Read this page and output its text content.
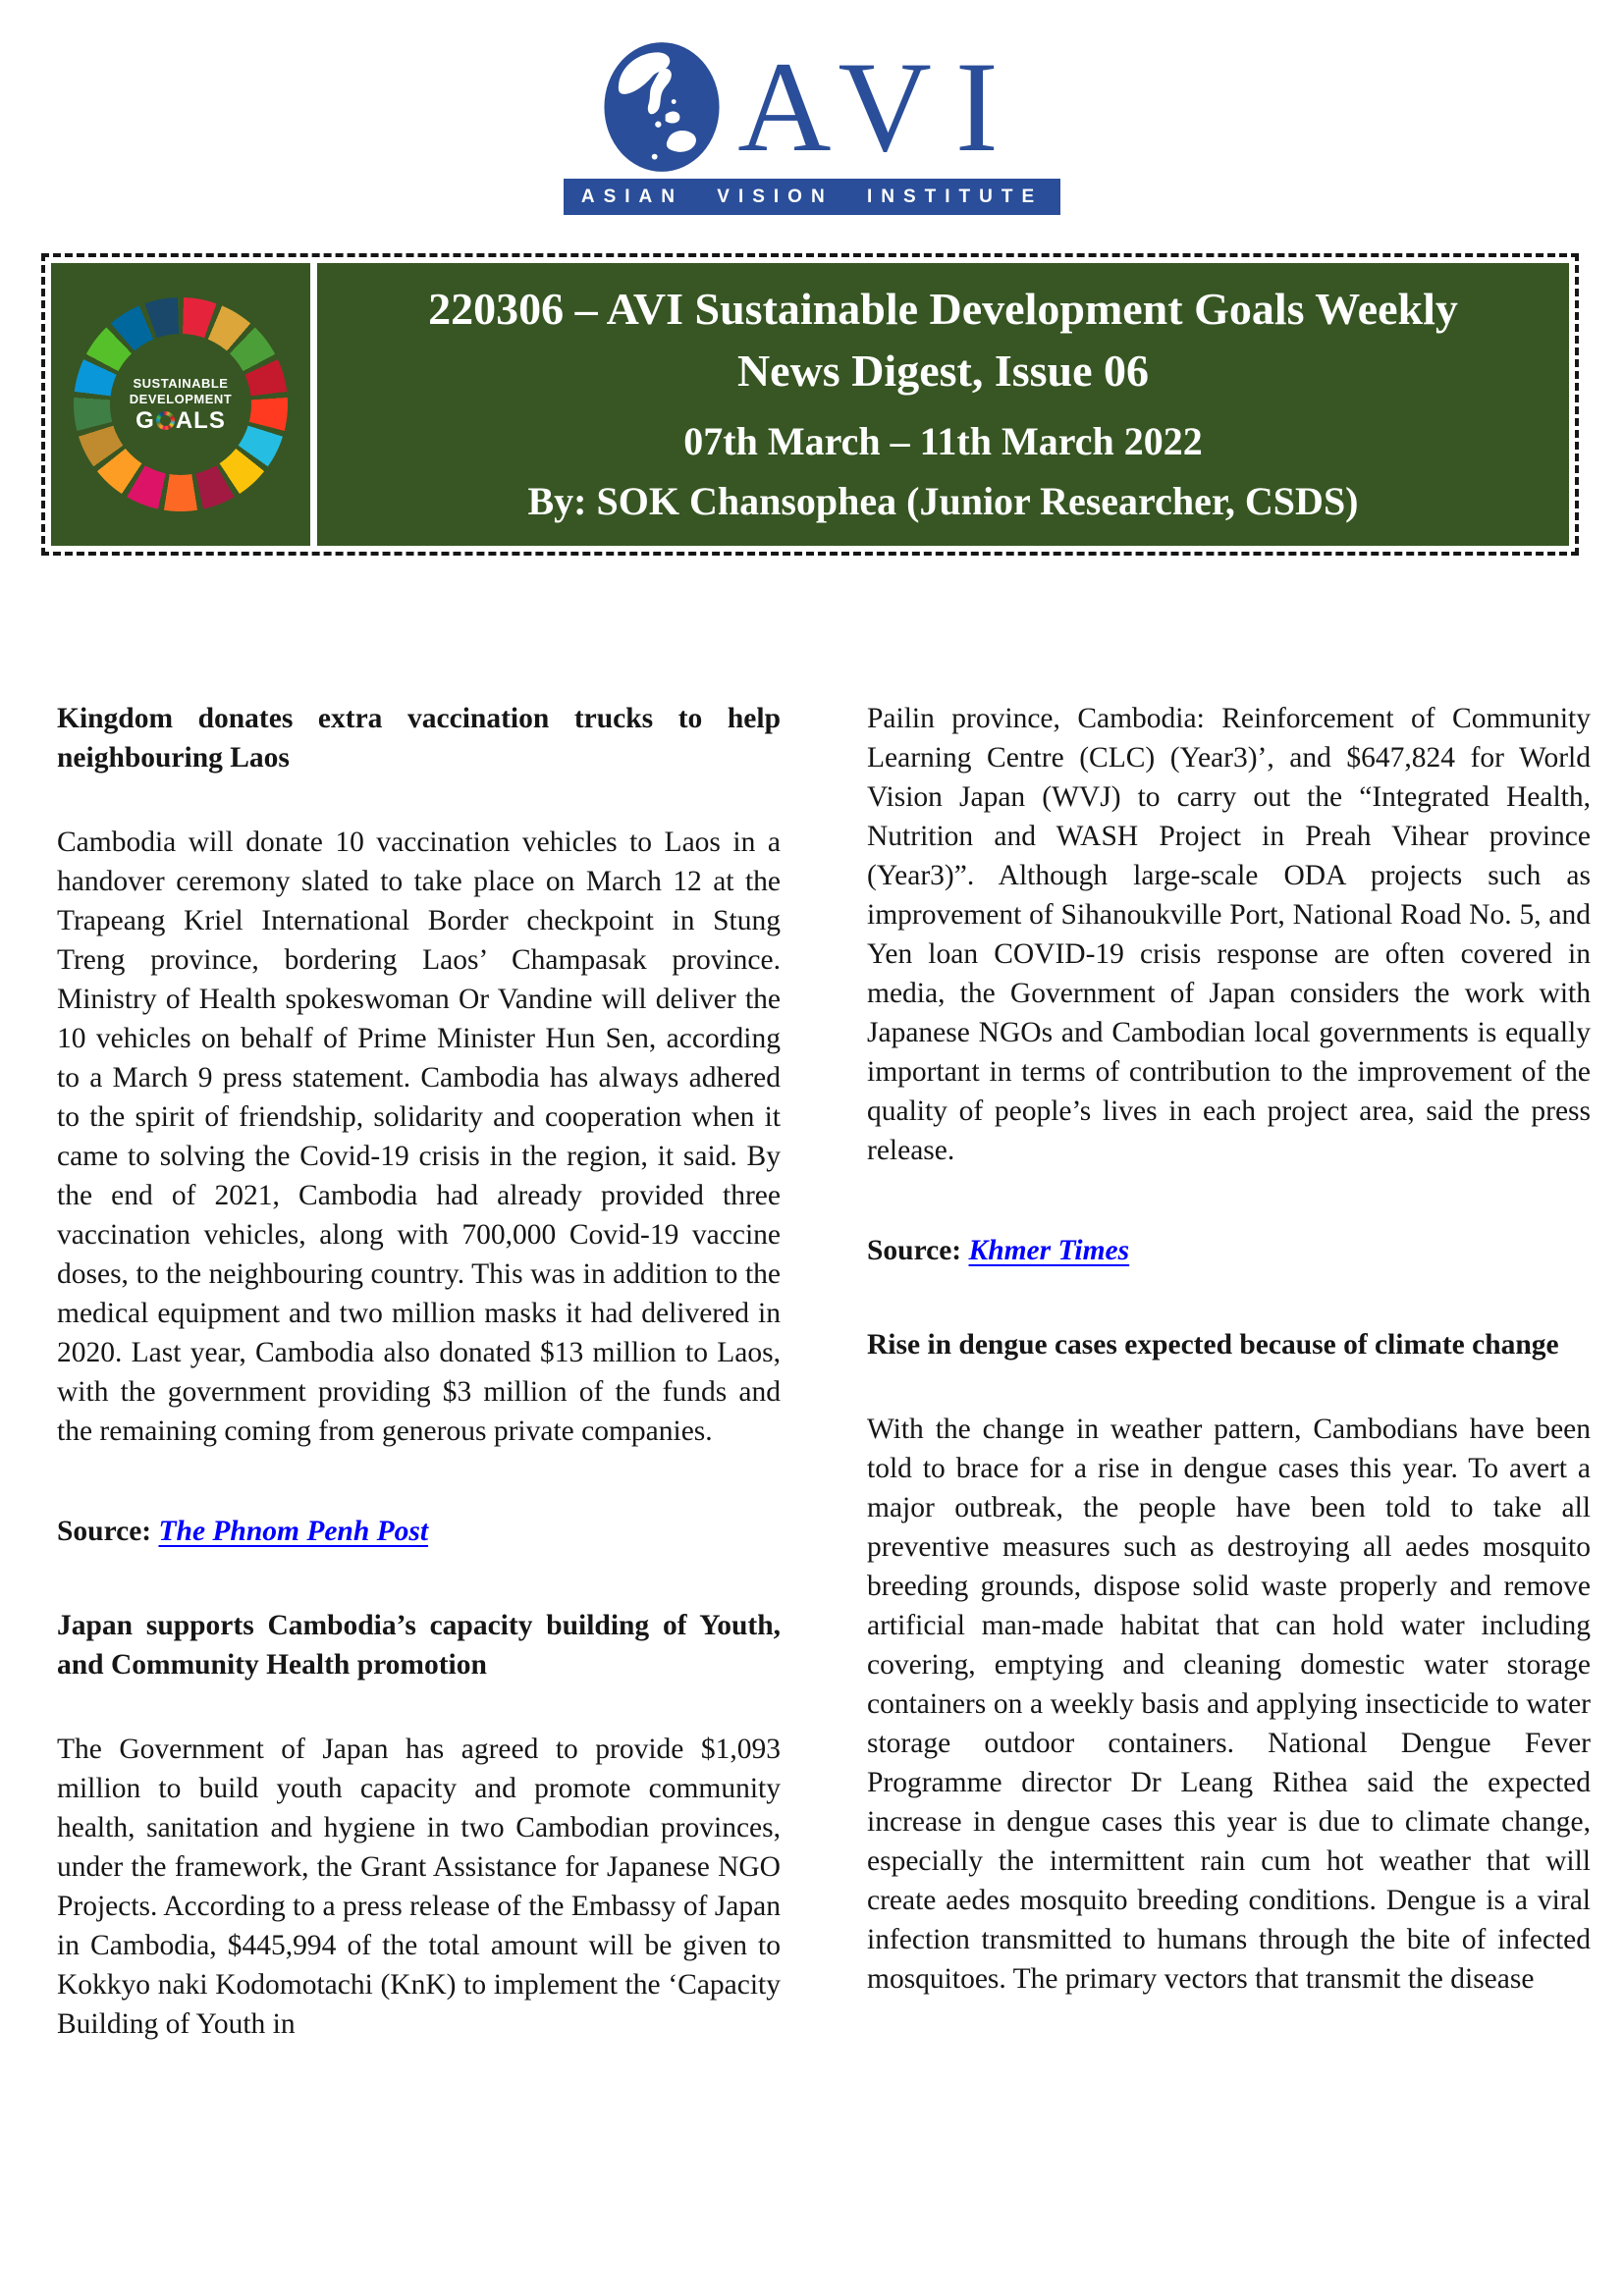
AVI
ASIAN VISION INSTITUTE
SUSTAINABLE
DEVELOPMENT
G ALS
220306 – AVI Sustainable Development Goals Weekly
News Digest, Issue 06
07th March – 11th March 2022
By: SOK Chansophea (Junior Researcher, CSDS)
Kingdom donates extra vaccination trucks to help neighbouring Laos
Cambodia will donate 10 vaccination vehicles to Laos in a handover ceremony slated to take place on March 12 at the Trapeang Kriel International Border checkpoint in Stung Treng province, bordering Laos’ Champasak province. Ministry of Health spokeswoman Or Vandine will deliver the 10 vehicles on behalf of Prime Minister Hun Sen, according to a March 9 press statement. Cambodia has always adhered to the spirit of friendship, solidarity and cooperation when it came to solving the Covid-19 crisis in the region, it said. By the end of 2021, Cambodia had already provided three vaccination vehicles, along with 700,000 Covid-19 vaccine doses, to the neighbouring country. This was in addition to the medical equipment and two million masks it had delivered in 2020. Last year, Cambodia also donated $13 million to Laos, with the government providing $3 million of the funds and the remaining coming from generous private companies.
Source: The Phnom Penh Post
Japan supports Cambodia’s capacity building of Youth, and Community Health promotion
The Government of Japan has agreed to provide $1,093 million to build youth capacity and promote community health, sanitation and hygiene in two Cambodian provinces, under the framework, the Grant Assistance for Japanese NGO Projects. According to a press release of the Embassy of Japan in Cambodia, $445,994 of the total amount will be given to Kokkyo naki Kodomotachi (KnK) to implement the ‘Capacity Building of Youth in
Pailin province, Cambodia: Reinforcement of Community Learning Centre (CLC) (Year3)’, and $647,824 for World Vision Japan (WVJ) to carry out the “Integrated Health, Nutrition and WASH Project in Preah Vihear province (Year3)”. Although large-scale ODA projects such as improvement of Sihanoukville Port, National Road No. 5, and Yen loan COVID-19 crisis response are often covered in media, the Government of Japan considers the work with Japanese NGOs and Cambodian local governments is equally important in terms of contribution to the improvement of the quality of people’s lives in each project area, said the press release.
Source: Khmer Times
Rise in dengue cases expected because of climate change
With the change in weather pattern, Cambodians have been told to brace for a rise in dengue cases this year. To avert a major outbreak, the people have been told to take all preventive measures such as destroying all aedes mosquito breeding grounds, dispose solid waste properly and remove artificial man-made habitat that can hold water including covering, emptying and cleaning domestic water storage containers on a weekly basis and applying insecticide to water storage outdoor containers. National Dengue Fever Programme director Dr Leang Rithea said the expected increase in dengue cases this year is due to climate change, especially the intermittent rain cum hot weather that will create aedes mosquito breeding conditions. Dengue is a viral infection transmitted to humans through the bite of infected mosquitoes. The primary vectors that transmit the disease
